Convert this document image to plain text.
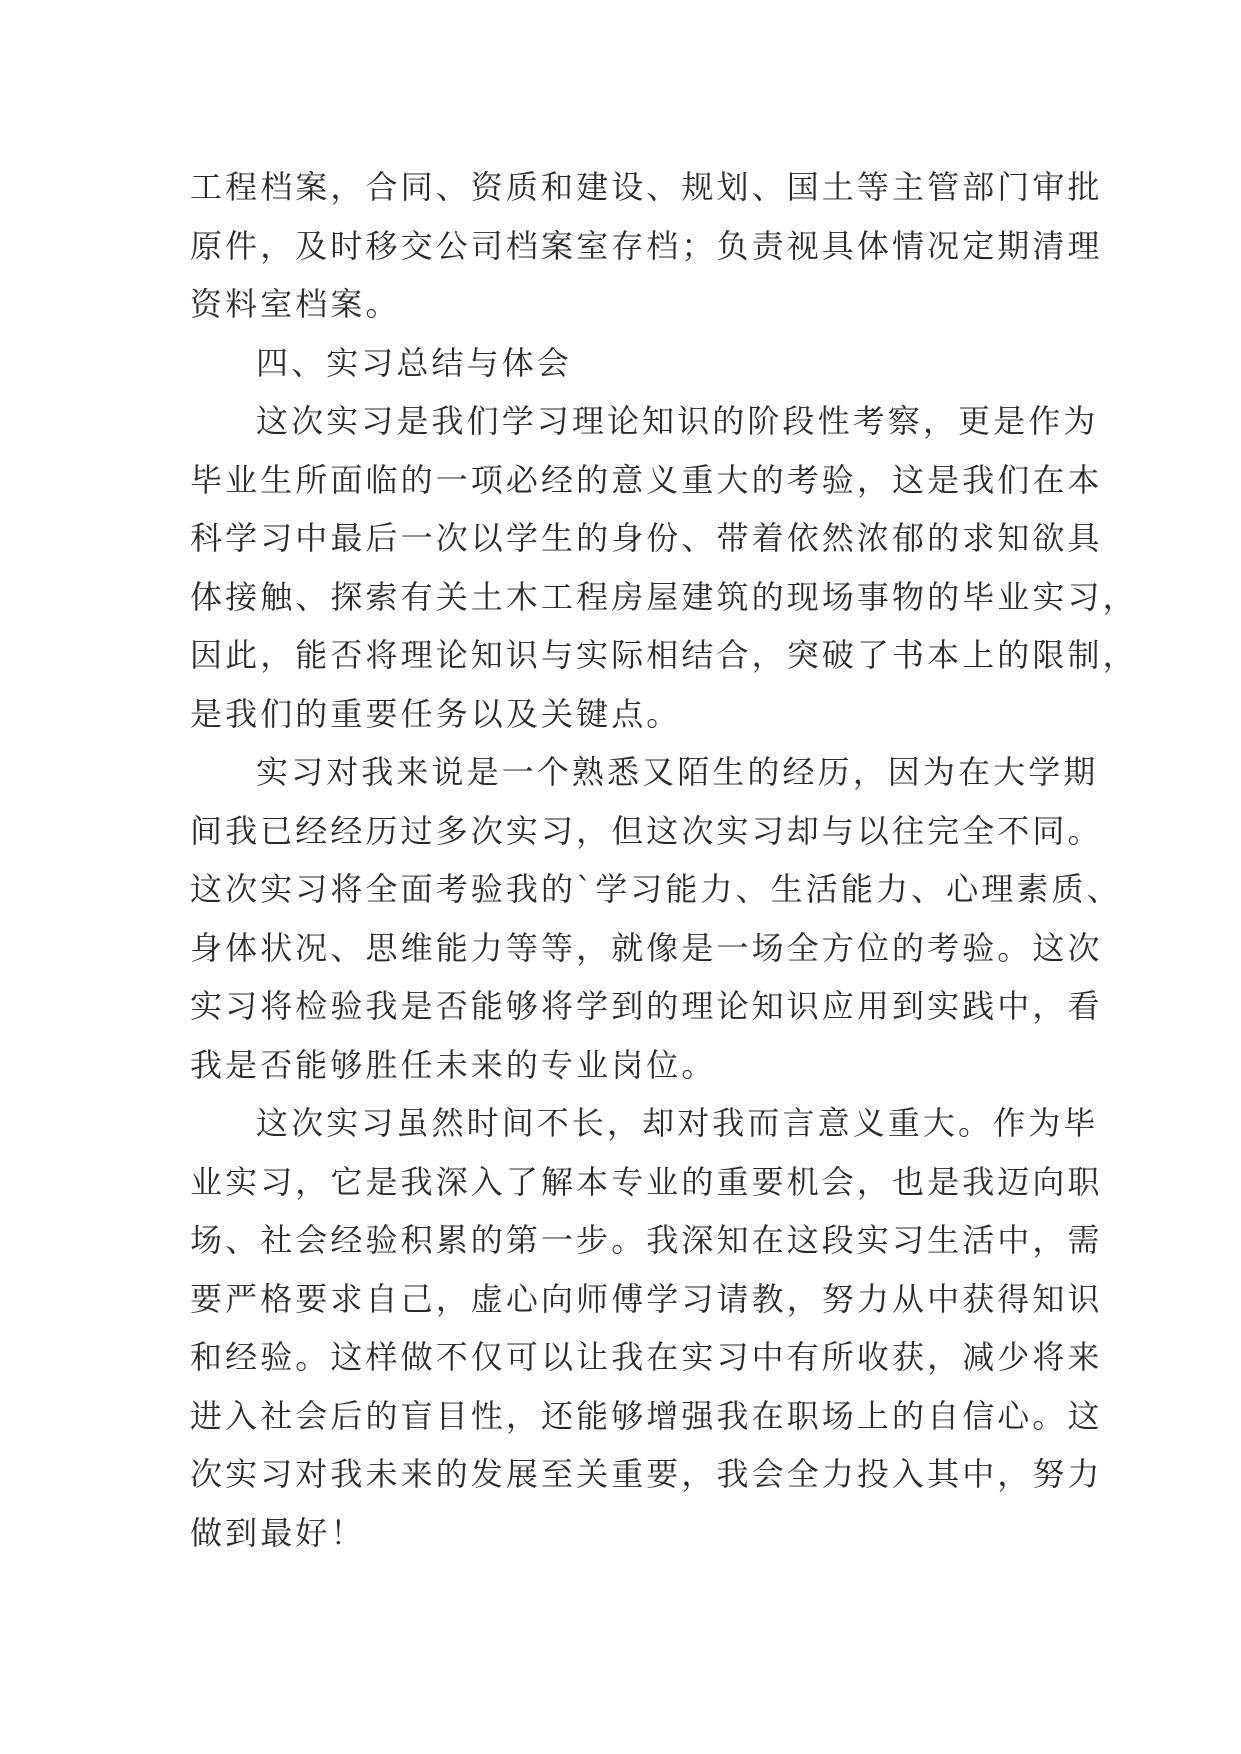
工程档案，合同、资质和建设、规划、国土等主管部门审批
原件，及时移交公司档案室存档；负责视具体情况定期清理
资料室档案。
四、实习总结与体会
这次实习是我们学习理论知识的阶段性考察，更是作为
毕业生所面临的一项必经的意义重大的考验，这是我们在本
科学习中最后一次以学生的身份、带着依然浓郁的求知欲具
体接触、探索有关土木工程房屋建筑的现场事物的毕业实习，
因此，能否将理论知识与实际相结合，突破了书本上的限制，
是我们的重要任务以及关键点。
实习对我来说是一个熟悉又陌生的经历，因为在大学期
间我已经经历过多次实习，但这次实习却与以往完全不同。
这次实习将全面考验我的`学习能力、生活能力、心理素质、
身体状况、思维能力等等，就像是一场全方位的考验。这次
实习将检验我是否能够将学到的理论知识应用到实践中，看
我是否能够胜任未来的专业岗位。
这次实习虽然时间不长，却对我而言意义重大。作为毕
业实习，它是我深入了解本专业的重要机会，也是我迈向职
场、社会经验积累的第一步。我深知在这段实习生活中，需
要严格要求自己，虚心向师傅学习请教，努力从中获得知识
和经验。这样做不仅可以让我在实习中有所收获，减少将来
进入社会后的盲目性，还能够增强我在职场上的自信心。这
次实习对我未来的发展至关重要，我会全力投入其中，努力
做到最好！
